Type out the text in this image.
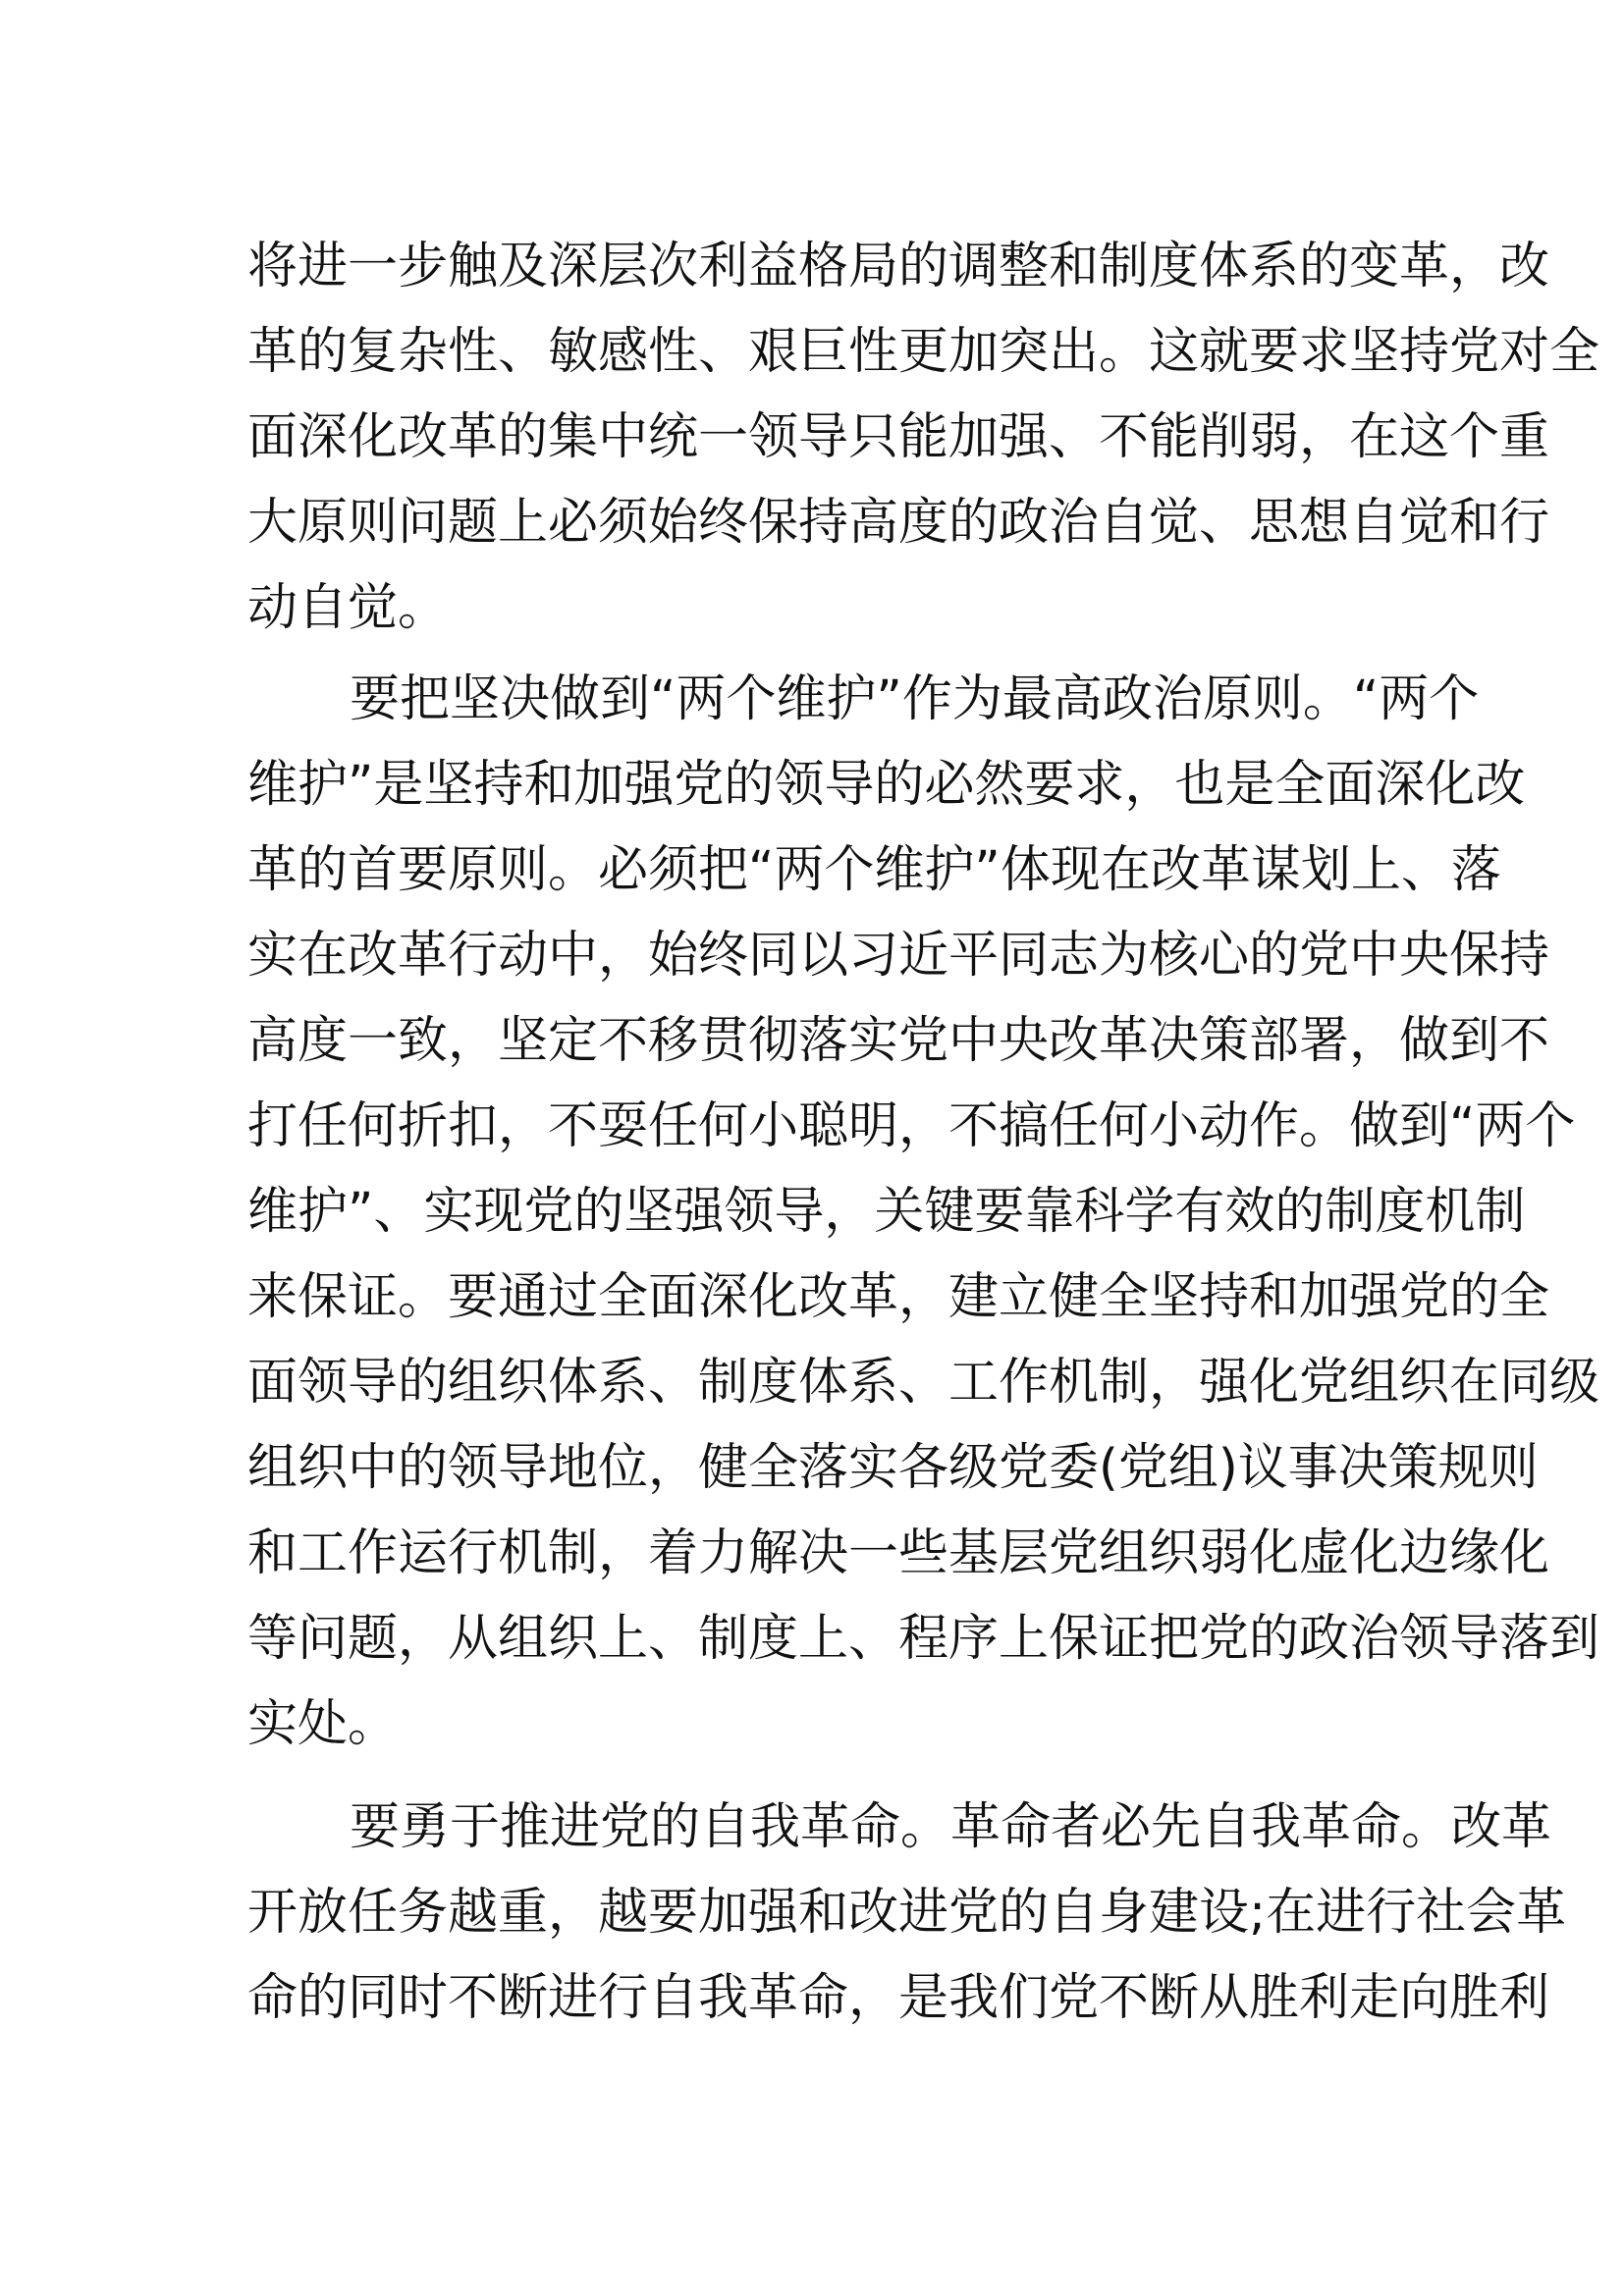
将进一步触及深层次利益格局的调整和制度体系的变革，改
革的复杂性、敏感性、艰巨性更加突出。这就要求坚持党对全
面深化改革的集中统一领导只能加强、不能削弱，在这个重
大原则问题上必须始终保持高度的政治自觉、思想自觉和行
动自觉。
要把坚决做到“两个维护”作为最高政治原则。“两个
维护”是坚持和加强党的领导的必然要求，也是全面深化改
革的首要原则。必须把“两个维护”体现在改革谋划上、落
实在改革行动中，始终同以习近平同志为核心的党中央保持
高度一致，坚定不移贯彻落实党中央改革决策部署，做到不
打任何折扣，不耍任何小聪明，不搞任何小动作。做到“两个
维护”、实现党的坚强领导，关键要靠科学有效的制度机制
来保证。要通过全面深化改革，建立健全坚持和加强党的全
面领导的组织体系、制度体系、工作机制，强化党组织在同级
组织中的领导地位，健全落实各级党委(党组)议事决策规则
和工作运行机制，着力解决一些基层党组织弱化虚化边缘化
等问题，从组织上、制度上、程序上保证把党的政治领导落到
实处。
要勇于推进党的自我革命。革命者必先自我革命。改革
开放任务越重，越要加强和改进党的自身建设;在进行社会革
命的同时不断进行自我革命，是我们党不断从胜利走向胜利
